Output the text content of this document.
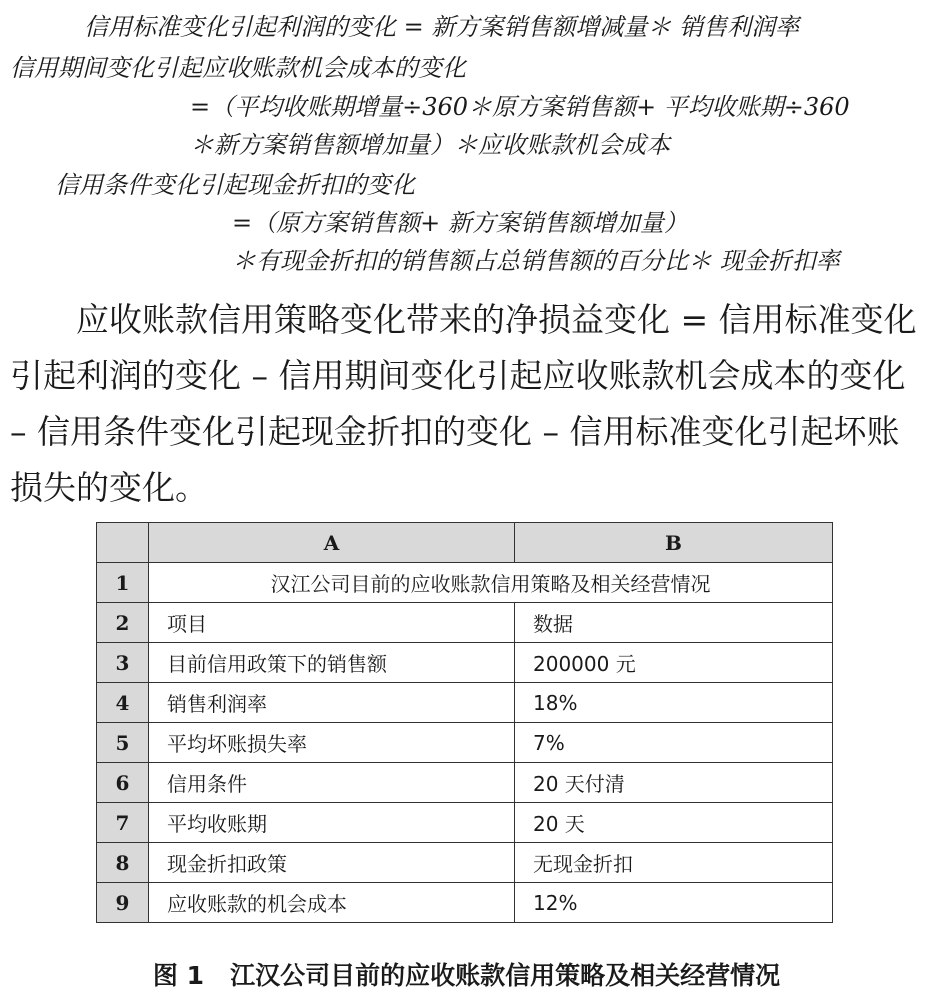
信用标准变化引起利润的变化 = 新方案销售额增减量＊ 销售利润率
信用期间变化引起应收账款机会成本的变化
=（平均收账期增量÷360＊原方案销售额+ 平均收账期÷360
＊新方案销售额增加量）＊应收账款机会成本
信用条件变化引起现金折扣的变化
=（原方案销售额+ 新方案销售额增加量）
＊有现金折扣的销售额占总销售额的百分比＊ 现金折扣率

应收账款信用策略变化带来的净损益变化 = 信用标准变化引起利润的变化 – 信用期间变化引起应收账款机会成本的变化 – 信用条件变化引起现金折扣的变化 – 信用标准变化引起坏账损失的变化。

	A	B
1	汉江公司目前的应收账款信用策略及相关经营情况	
2	项目	数据
3	目前信用政策下的销售额	200000 元
4	销售利润率	18%
5	平均坏账损失率	7%
6	信用条件	20 天付清
7	平均收账期	20 天
8	现金折扣政策	无现金折扣
9	应收账款的机会成本	12%
图 1   江汉公司目前的应收账款信用策略及相关经营情况
